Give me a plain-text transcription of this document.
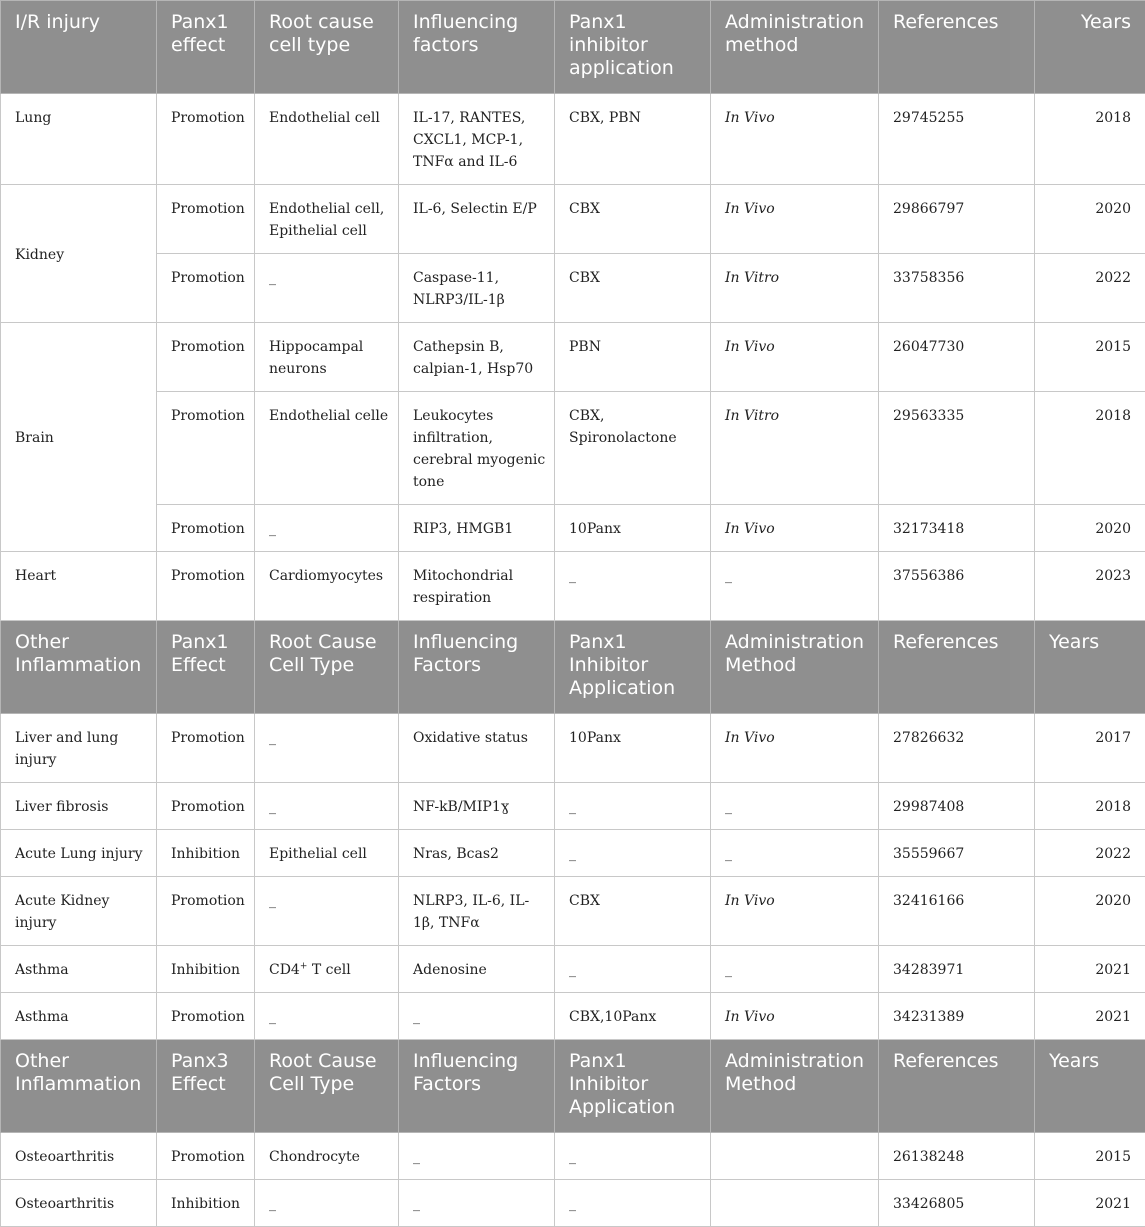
I/R injury	Panx1 effect	Root cause cell type	Influencing factors	Panx1 inhibitor application	Administration method	References	Years
Lung	Promotion	Endothelial cell	IL-17, RANTES, CXCL1, MCP-1, TNFα and IL-6	CBX, PBN	In Vivo	29745255	2018
Kidney	Promotion	Endothelial cell, Epithelial cell	IL-6, Selectin E/P	CBX	In Vivo	29866797	2020
	Promotion	_	Caspase-11, NLRP3/IL-1β	CBX	In Vitro	33758356	2022
Brain	Promotion	Hippocampal neurons	Cathepsin B, calpian-1, Hsp70	PBN	In Vivo	26047730	2015
	Promotion	Endothelial celle	Leukocytes infiltration, cerebral myogenic tone	CBX, Spironolactone	In Vitro	29563335	2018
	Promotion	_	RIP3, HMGB1	10Panx	In Vivo	32173418	2020
Heart	Promotion	Cardiomyocytes	Mitochondrial respiration	_	_	37556386	2023
Other Inflammation	Panx1 Effect	Root Cause Cell Type	Influencing Factors	Panx1 Inhibitor Application	Administration Method	References	Years
Liver and lung injury	Promotion	_	Oxidative status	10Panx	In Vivo	27826632	2017
Liver fibrosis	Promotion	_	NF-kB/MIP1ɣ	_	_	29987408	2018
Acute Lung injury	Inhibition	Epithelial cell	Nras, Bcas2	_	_	35559667	2022
Acute Kidney injury	Promotion	_	NLRP3, IL-6, IL-1β, TNFα	CBX	In Vivo	32416166	2020
Asthma	Inhibition	CD4+ T cell	Adenosine	_	_	34283971	2021
Asthma	Promotion	_	_	CBX,10Panx	In Vivo	34231389	2021
Other Inflammation	Panx3 Effect	Root Cause Cell Type	Influencing Factors	Panx1 Inhibitor Application	Administration Method	References	Years
Osteoarthritis	Promotion	Chondrocyte	_	_		26138248	2015
Osteoarthritis	Inhibition	_	_	_		33426805	2021
